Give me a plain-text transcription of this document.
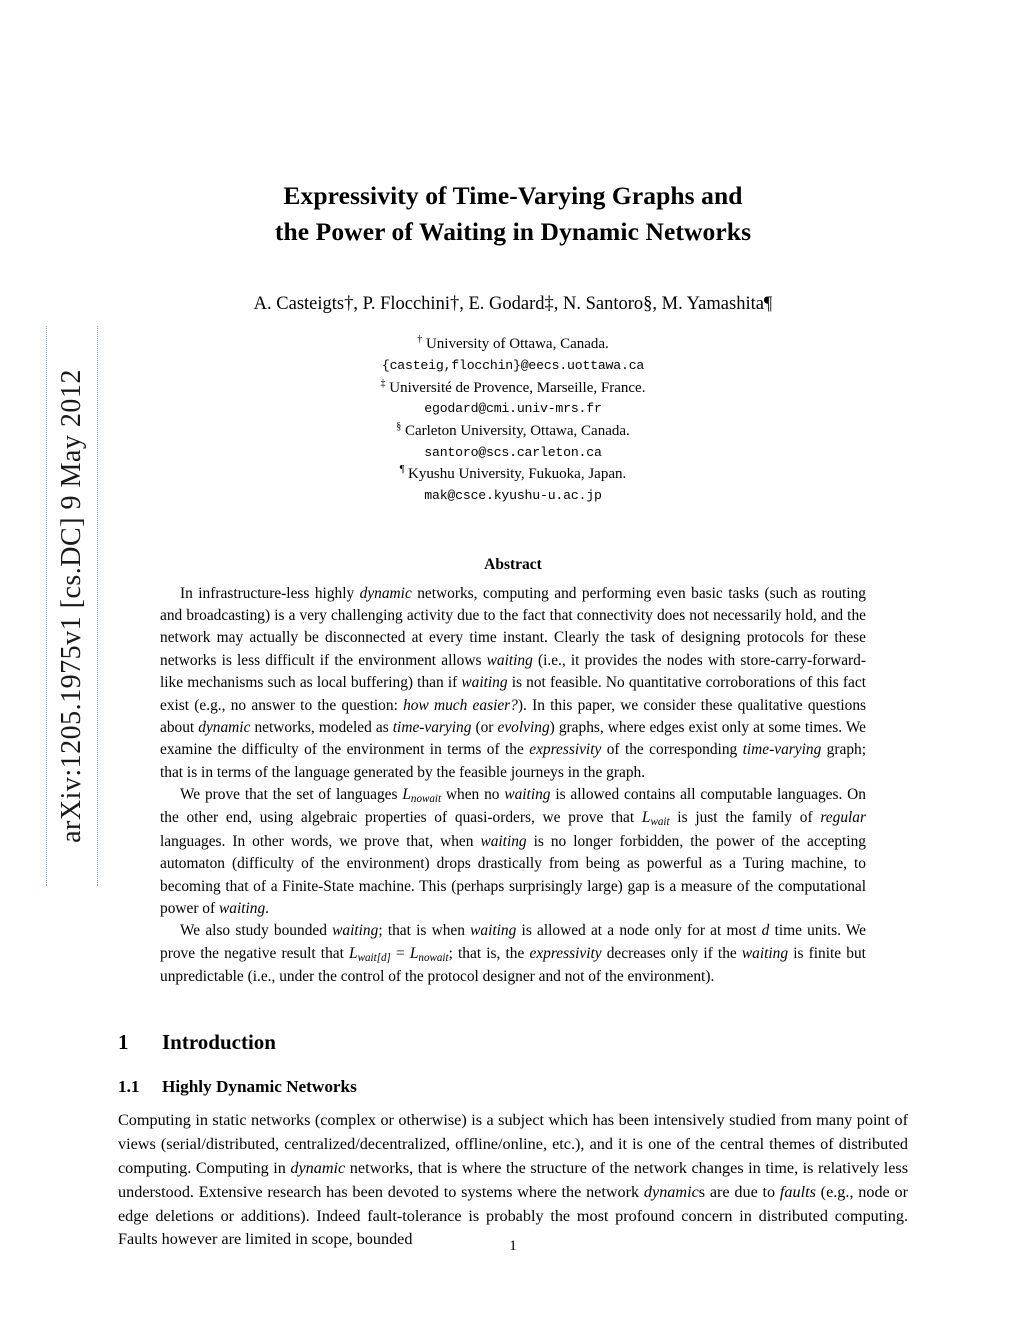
arXiv:1205.1975v1 [cs.DC] 9 May 2012
Expressivity of Time-Varying Graphs and
the Power of Waiting in Dynamic Networks
A. Casteigts†, P. Flocchini†, E. Godard‡, N. Santoro§, M. Yamashita¶
† University of Ottawa, Canada.
{casteig,flocchin}@eecs.uottawa.ca
‡ Université de Provence, Marseille, France.
egodard@cmi.univ-mrs.fr
§ Carleton University, Ottawa, Canada.
santoro@scs.carleton.ca
¶ Kyushu University, Fukuoka, Japan.
mak@csce.kyushu-u.ac.jp
Abstract

In infrastructure-less highly dynamic networks, computing and performing even basic tasks (such as routing and broadcasting) is a very challenging activity due to the fact that connectivity does not necessarily hold, and the network may actually be disconnected at every time instant. Clearly the task of designing protocols for these networks is less difficult if the environment allows waiting (i.e., it provides the nodes with store-carry-forward-like mechanisms such as local buffering) than if waiting is not feasible. No quantitative corroborations of this fact exist (e.g., no answer to the question: how much easier?). In this paper, we consider these qualitative questions about dynamic networks, modeled as time-varying (or evolving) graphs, where edges exist only at some times. We examine the difficulty of the environment in terms of the expressivity of the corresponding time-varying graph; that is in terms of the language generated by the feasible journeys in the graph.

We prove that the set of languages $L_{nowait}$ when no waiting is allowed contains all computable languages. On the other end, using algebraic properties of quasi-orders, we prove that $L_{wait}$ is just the family of regular languages. In other words, we prove that, when waiting is no longer forbidden, the power of the accepting automaton (difficulty of the environment) drops drastically from being as powerful as a Turing machine, to becoming that of a Finite-State machine. This (perhaps surprisingly large) gap is a measure of the computational power of waiting.

We also study bounded waiting; that is when waiting is allowed at a node only for at most d time units. We prove the negative result that $L_{wait[d]} = L_{nowait}$; that is, the expressivity decreases only if the waiting is finite but unpredictable (i.e., under the control of the protocol designer and not of the environment).

1 Introduction
1.1 Highly Dynamic Networks
Computing in static networks (complex or otherwise) is a subject which has been intensively studied from many point of views (serial/distributed, centralized/decentralized, offline/online, etc.), and it is one of the central themes of distributed computing. Computing in dynamic networks, that is where the structure of the network changes in time, is relatively less understood. Extensive research has been devoted to systems where the network dynamics are due to faults (e.g., node or edge deletions or additions). Indeed fault-tolerance is probably the most profound concern in distributed computing. Faults however are limited in scope, bounded	1
